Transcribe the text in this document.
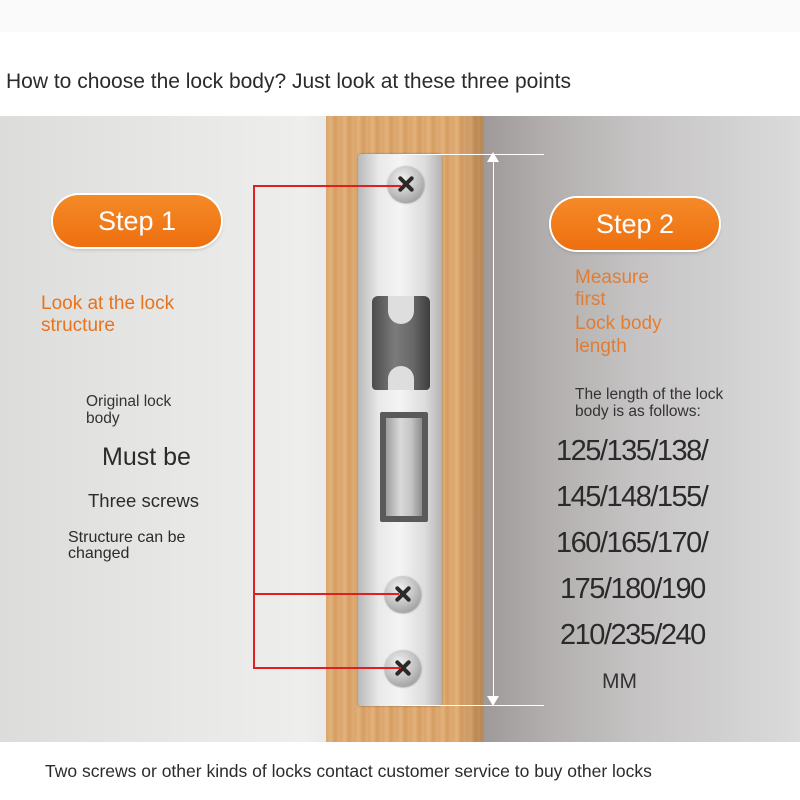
How to choose the lock body? Just look at these three points
Step 1
Look at the lock
structure
Original lock
body
Must be
Three screws
Structure can be
changed
Step 2
Measure
first
Lock body
length
The length of the lock
body is as follows:
125/135/138/
145/148/155/
160/165/170/
175/180/190
210/235/240
MM
Two screws or other kinds of locks contact customer service to buy other locks
